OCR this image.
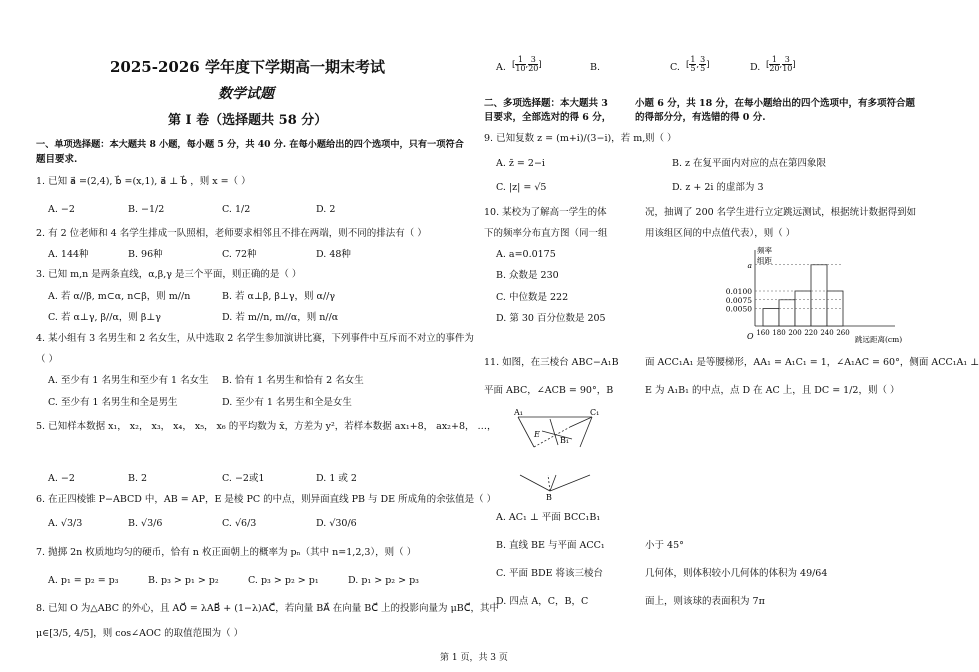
2025-2026 学年度下学期高一期末考试
数学试题
第 I 卷（选择题共 58 分）
一、单项选择题：本大题共 8 小题，每小题 5 分，共 40 分. 在每小题给出的四个选项中，只有一项符合
题目要求.
1. 已知 a⃗ =(2,4), b⃗ =(x,1), a⃗ ⊥ b⃗ ，则 x =（ ）
A. −2	B. −1/2	C. 1/2	D. 2
2. 有 2 位老师和 4 名学生排成一队照相，老师要求相邻且不排在两端，则不同的排法有（ ）
A. 144种	B. 96种	C. 72种	D. 48种
3. 已知 m,n 是两条直线，α,β,γ 是三个平面，则正确的是（ ）
A. 若 α//β, m⊂α, n⊂β，则 m//n	B. 若 α⊥β, β⊥γ，则 α//γ
C. 若 α⊥γ, β//α，则 β⊥γ	D. 若 m//n, m//α，则 n//α
4. 某小组有 3 名男生和 2 名女生，从中选取 2 名学生参加演讲比赛，下列事件中互斥而不对立的事件为
（ ）
A. 至少有 1 名男生和至少有 1 名女生 B. 恰有 1 名男生和恰有 2 名女生
C. 至少有 1 名男生和全是男生	D. 至少有 1 名男生和全是女生
5. 已知样本数据 x₁， x₂， x₃， x₄， x₅， x₆ 的平均数为 x̄，方差为 y²，若样本数据 ax₁+8， ax₂+8， …，
A. −2	B. 2	C. −2或1	D. 1 或 2
6. 在正四棱锥 P−ABCD 中，AB = AP，E 是棱 PC 的中点，则异面直线 PB 与 DE 所成角的余弦值是（ ）
A. √3/3	B. √3/6	C. √6/3	D. √30/6
7. 抛掷 2n 枚质地均匀的硬币，恰有 n 枚正面朝上的概率为 pₙ（其中 n=1,2,3），则（ ）
A. p₁ = p₂ = p₃	B. p₃ > p₁ > p₂	C. p₃ > p₂ > p₁	D. p₁ > p₂ > p₃
8. 已知 O 为△ABC 的外心，且 AO⃗ = λAB⃗ + (1−λ)AC⃗，若向量 BA⃗ 在向量 BC⃗ 上的投影向量为 μBC⃗，其中
μ∈[3/5, 4/5]，则 cos∠AOC 的取值范围为（ ）
A. [ $\frac{1}{10}$ , $\frac{3}{20}$ ]	B.
二、多项选择题：本大题共 3
目要求，全部选对的得 6 分，
9. 已知复数 z = (m+i)/(3−i)，若 m,
A. z̄ = 2−i
C. |z| = √5
10. 某校为了解高一学生的体
下的频率分布直方图（同一组
A. a=0.0175
B. 众数是 230
C. 中位数是 222
D. 第 30 百分位数是 205
11. 如图，在三棱台 ABC−A₁B
平面 ABC，∠ACB = 90°，B
A₁	C₁
E
B₁
B
A. AC₁ ⊥ 平面 BCC₁B₁
B. 直线 BE 与平面 ACC₁
C. 平面 BDE 将该三棱台
D. 四点 A，C，B，C
C. [ $\frac{1}{5}$ , $\frac{3}{5}$ ]	D. [ $\frac{1}{20}$ , $\frac{3}{10}$ ]
小题 6 分，共 18 分，在每小题给出的四个选项中，有多项符合题
的得部分分，有选错的得 0 分.
则（ ）
B. z 在复平面内对应的点在第四象限
D. z + 2i 的虚部为 3
况，抽调了 200 名学生进行立定跳远测试，根据统计数据得到如
用该组区间的中点值代表），则（ ）
频率
组距
跳远距离(cm)
O
a
0.0100
0.0075
0.0050
160 180 200 220 240 260
面 ACC₁A₁ 是等腰梯形，AA₁ = A₁C₁ = 1，∠A₁AC = 60°，侧面 ACC₁A₁ ⊥
E 为 A₁B₁ 的中点，点 D 在 AC 上，且 DC = 1/2，则（ ）
小于 45°
几何体，则体积较小几何体的体积为 49/64
面上，则该球的表面积为 7π
第 1 页，共 3 页
